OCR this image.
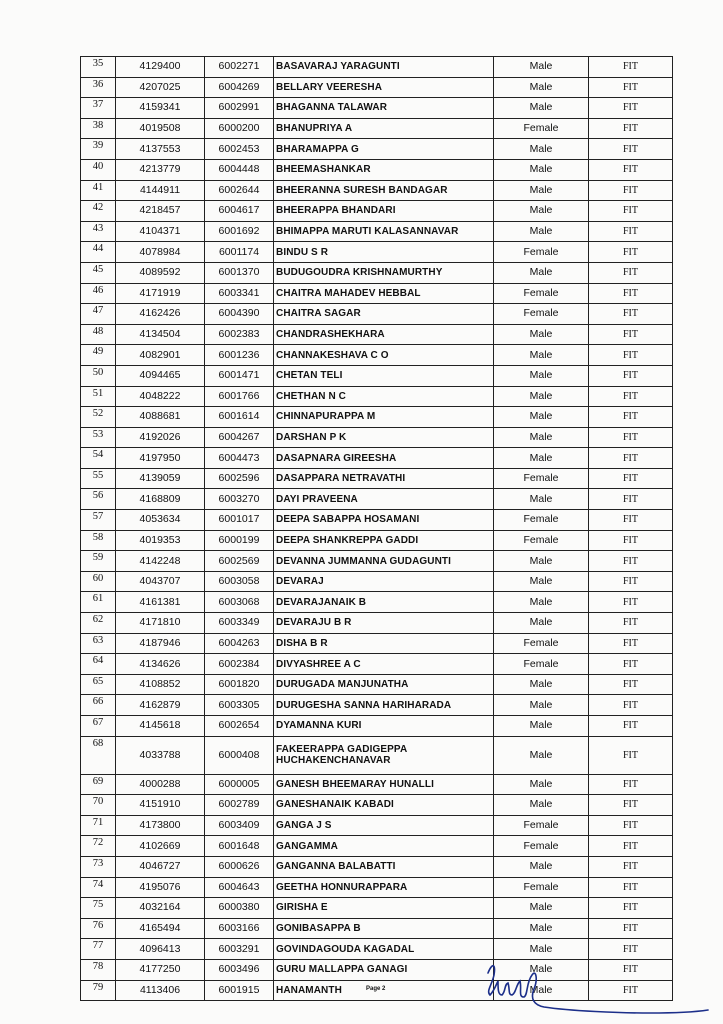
35	4129400	6002271	BASAVARAJ YARAGUNTI	Male	FIT
36	4207025	6004269	BELLARY VEERESHA	Male	FIT
37	4159341	6002991	BHAGANNA TALAWAR	Male	FIT
38	4019508	6000200	BHANUPRIYA A	Female	FIT
39	4137553	6002453	BHARAMAPPA G	Male	FIT
40	4213779	6004448	BHEEMASHANKAR	Male	FIT
41	4144911	6002644	BHEERANNA SURESH BANDAGAR	Male	FIT
42	4218457	6004617	BHEERAPPA BHANDARI	Male	FIT
43	4104371	6001692	BHIMAPPA MARUTI KALASANNAVAR	Male	FIT
44	4078984	6001174	BINDU S R	Female	FIT
45	4089592	6001370	BUDUGOUDRA KRISHNAMURTHY	Male	FIT
46	4171919	6003341	CHAITRA MAHADEV HEBBAL	Female	FIT
47	4162426	6004390	CHAITRA SAGAR	Female	FIT
48	4134504	6002383	CHANDRASHEKHARA	Male	FIT
49	4082901	6001236	CHANNAKESHAVA C O	Male	FIT
50	4094465	6001471	CHETAN TELI	Male	FIT
51	4048222	6001766	CHETHAN N C	Male	FIT
52	4088681	6001614	CHINNAPURAPPA M	Male	FIT
53	4192026	6004267	DARSHAN P K	Male	FIT
54	4197950	6004473	DASAPNARA GIREESHA	Male	FIT
55	4139059	6002596	DASAPPARA NETRAVATHI	Female	FIT
56	4168809	6003270	DAYI PRAVEENA	Male	FIT
57	4053634	6001017	DEEPA SABAPPA HOSAMANI	Female	FIT
58	4019353	6000199	DEEPA SHANKREPPA GADDI	Female	FIT
59	4142248	6002569	DEVANNA JUMMANNA GUDAGUNTI	Male	FIT
60	4043707	6003058	DEVARAJ	Male	FIT
61	4161381	6003068	DEVARAJANAIK B	Male	FIT
62	4171810	6003349	DEVARAJU B R	Male	FIT
63	4187946	6004263	DISHA B R	Female	FIT
64	4134626	6002384	DIVYASHREE A C	Female	FIT
65	4108852	6001820	DURUGADA MANJUNATHA	Male	FIT
66	4162879	6003305	DURUGESHA SANNA HARIHARADA	Male	FIT
67	4145618	6002654	DYAMANNA KURI	Male	FIT
68	4033788	6000408	FAKEERAPPA GADIGEPPA
HUCHAKENCHANAVAR	Male	FIT
69	4000288	6000005	GANESH BHEEMARAY HUNALLI	Male	FIT
70	4151910	6002789	GANESHANAIK KABADI	Male	FIT
71	4173800	6003409	GANGA J S	Female	FIT
72	4102669	6001648	GANGAMMA	Female	FIT
73	4046727	6000626	GANGANNA BALABATTI	Male	FIT
74	4195076	6004643	GEETHA HONNURAPPARA	Female	FIT
75	4032164	6000380	GIRISHA E	Male	FIT
76	4165494	6003166	GONIBASAPPA B	Male	FIT
77	4096413	6003291	GOVINDAGOUDA KAGADAL	Male	FIT
78	4177250	6003496	GURU MALLAPPA GANAGI	Male	FIT
79	4113406	6001915	HANAMANTH	Male	FIT
Page 2
